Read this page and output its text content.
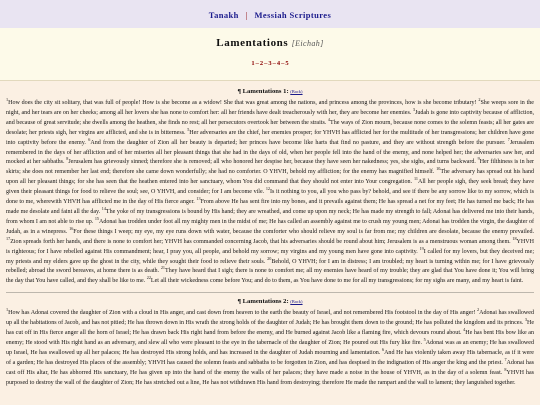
Tanakh | Messiah Scriptures
Lamentations [Eichah]
1–2–3–4–5
¶ Lamentations 1: (Back)

$^1$How does the city sit solitary, that was full of people! How is she become as a widow! She that was great among the nations, and princess among the provinces, how is she become tributary! $^2$She weeps sore in the night, and her tears are on her cheeks; among all her lovers she has none to comfort her: all her friends have dealt treacherously with her, they are become her enemies. $^3$Judah is gone into captivity because of affliction, and because of great servitude; she dwells among the heathen, she finds no rest; all her persecutors overtook her between the straits. $^4$The ways of Zion mourn, because none comes to the solemn feasts; all her gates are desolate; her priests sigh, her virgins are afflicted, and she is in bitterness. $^5$Her adversaries are the chief, her enemies prosper; for YHVH has afflicted her for the multitude of her transgressions; her children have gone into captivity before the enemy. $^6$And from the daughter of Zion all her beauty is departed; her princes have become like harts that find no pasture, and they are without strength before the pursuer. $^7$Jerusalem remembered in the days of her affliction and of her miseries all her pleasant things that she had in the days of old, when her people fell into the hand of the enemy, and none helped her; the adversaries saw her, and mocked at her sabbaths. $^8$Jerusalem has grievously sinned; therefore she is removed; all who honored her despise her, because they have seen her nakedness; yes, she sighs, and turns backward. $^9$Her filthiness is in her skirts; she does not remember her last end; therefore she came down wonderfully; she had no comforter. O YHVH, behold my affliction; for the enemy has magnified himself. $^{10}$The adversary has spread out his hand upon all her pleasant things; for she has seen that the heathen entered into her sanctuary, whom You did command that they should not enter into Your congregation. $^{11}$All her people sigh, they seek bread; they have given their pleasant things for food to relieve the soul; see, O YHVH, and consider; for I am become vile. $^{12}$Is it nothing to you, all you who pass by? behold, and see if there be any sorrow like to my sorrow, which is done to me, wherewith YHVH has afflicted me in the day of His fierce anger. $^{13}$From above He has sent fire into my bones, and it prevails against them; He has spread a net for my feet; He has turned me back; He has made me desolate and faint all the day. $^{14}$The yoke of my transgressions is bound by His hand; they are wreathed, and come up upon my neck; He has made my strength to fall; Adonai has delivered me into their hands, from whom I am not able to rise up. $^{15}$Adonai has trodden under foot all my mighty men in the midst of me; He has called an assembly against me to crush my young men; Adonai has trodden the virgin, the daughter of Judah, as in a winepress. $^{16}$For these things I weep; my eye, my eye runs down with water, because the comforter who should relieve my soul is far from me; my children are desolate, because the enemy prevailed. $^{17}$Zion spreads forth her hands, and there is none to comfort her; YHVH has commanded concerning Jacob, that his adversaries should be round about him; Jerusalem is as a menstruous woman among them. $^{18}$YHVH is righteous; for I have rebelled against His commandment; hear, I pray you, all people, and behold my sorrow; my virgins and my young men have gone into captivity. $^{19}$I called for my lovers, but they deceived me; my priests and my elders gave up the ghost in the city, while they sought their food to relieve their souls. $^{20}$Behold, O YHVH; for I am in distress; I am troubled; my heart is turning within me; for I have grievously rebelled; abroad the sword bereaves, at home there is as death. $^{21}$They have heard that I sigh; there is none to comfort me; all my enemies have heard of my trouble; they are glad that You have done it; You will bring the day that You have called, and they shall be like to me. $^{22}$Let all their wickedness come before You; and do to them, as You have done to me for all my transgressions; for my sighs are many, and my heart is faint.

¶ Lamentations 2: (Back)

$^1$How has Adonai covered the daughter of Zion with a cloud in His anger, and cast down from heaven to the earth the beauty of Israel, and not remembered His footstool in the day of His anger! $^2$Adonai has swallowed up all the habitations of Jacob, and has not pitied; He has thrown down in His wrath the strong holds of the daughter of Judah; He has brought them down to the ground; He has polluted the kingdom and its princes. $^3$He has cut off in His fierce anger all the horn of Israel; He has drawn back His right hand from before the enemy, and He burned against Jacob like a flaming fire, which devours round about. $^4$He has bent His bow like an enemy; He stood with His right hand as an adversary, and slew all who were pleasant to the eye in the tabernacle of the daughter of Zion; He poured out His fury like fire. $^5$Adonai was as an enemy; He has swallowed up Israel, He has swallowed up all her palaces; He has destroyed His strong holds, and has increased in the daughter of Judah mourning and lamentation. $^6$And He has violently taken away His tabernacle, as if it were of a garden; He has destroyed His places of the assembly; YHVH has caused the solemn feasts and sabbaths to be forgotten in Zion, and has despised in the indignation of His anger the king and the priest. $^7$Adonai has cast off His altar, He has abhorred His sanctuary, He has given up into the hand of the enemy the walls of her palaces; they have made a noise in the house of YHVH, as in the day of a solemn feast. $^8$YHVH has purposed to destroy the wall of the daughter of Zion; He has stretched out a line, He has not withdrawn His hand from destroying; therefore He made the rampart and the wall to lament; they languished together.
